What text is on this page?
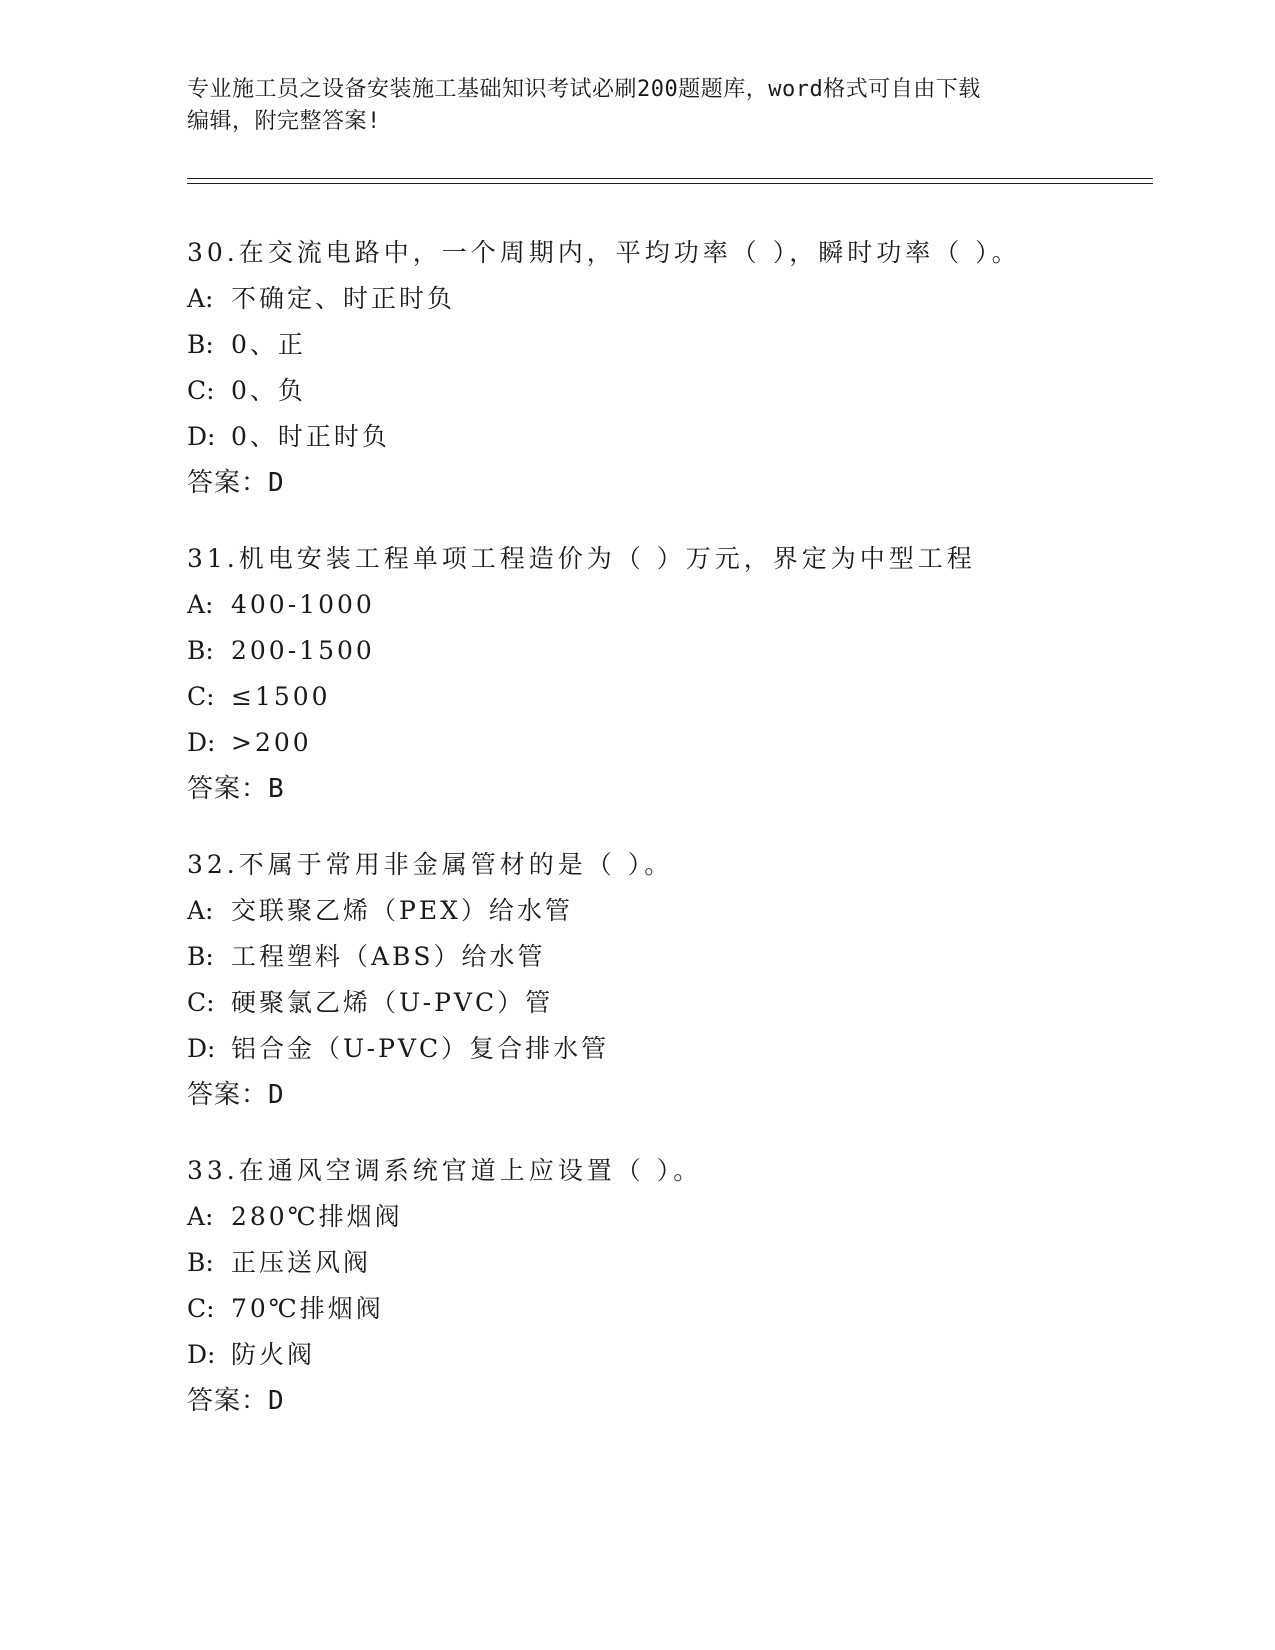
专业施工员之设备安装施工基础知识考试必刷200题题库，word格式可自由下载
编辑，附完整答案!
30.在交流电路中，一个周期内，平均功率（ ），瞬时功率（ ）。
A: 不确定、时正时负
B: 0、正
C: 0、负
D: 0、时正时负
答案：D
31.机电安装工程单项工程造价为（ ）万元，界定为中型工程
A: 400-1000
B: 200-1500
C: ≤1500
D: >200
答案：B
32.不属于常用非金属管材的是（ ）。
A: 交联聚乙烯（PEX）给水管
B: 工程塑料（ABS）给水管
C: 硬聚氯乙烯（U-PVC）管
D: 铝合金（U-PVC）复合排水管
答案：D
33.在通风空调系统官道上应设置（ ）。
A: 280℃排烟阀
B: 正压送风阀
C: 70℃排烟阀
D: 防火阀
答案：D
